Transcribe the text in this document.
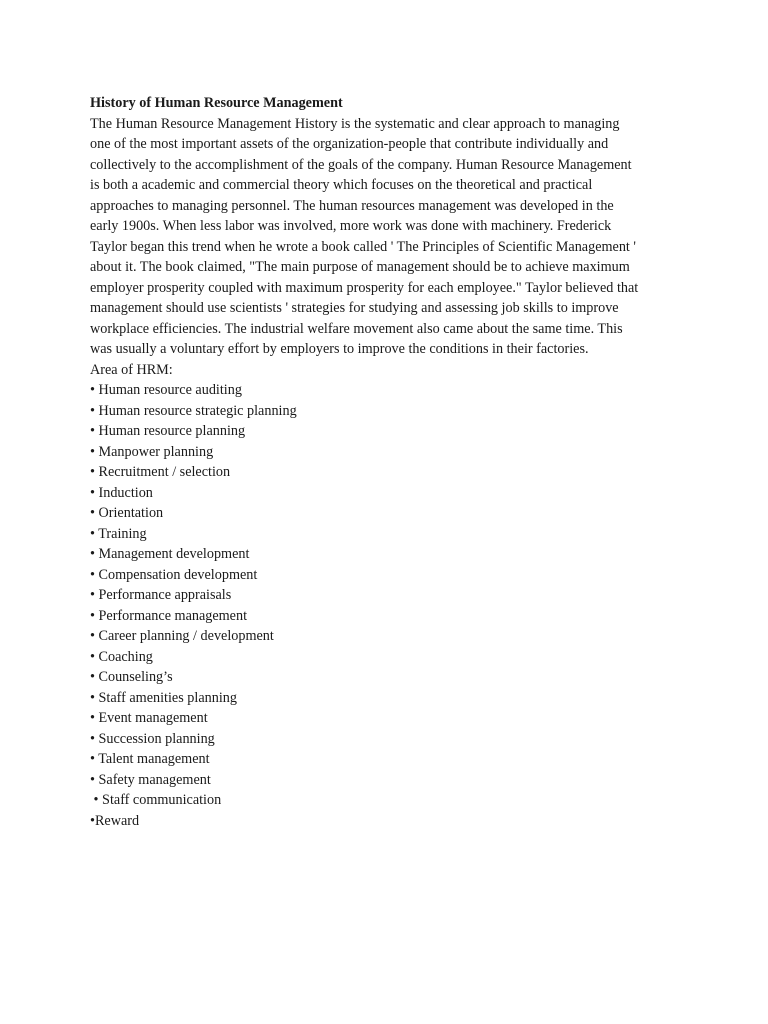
History of Human Resource Management
The Human Resource Management History is the systematic and clear approach to managing
one of the most important assets of the organization-people that contribute individually and
collectively to the accomplishment of the goals of the company. Human Resource Management
is both a academic and commercial theory which focuses on the theoretical and practical
approaches to managing personnel. The human resources management was developed in the
early 1900s. When less labor was involved, more work was done with machinery. Frederick
Taylor began this trend when he wrote a book called ' The Principles of Scientific Management '
about it. The book claimed, "The main purpose of management should be to achieve maximum
employer prosperity coupled with maximum prosperity for each employee." Taylor believed that
management should use scientists ' strategies for studying and assessing job skills to improve
workplace efficiencies. The industrial welfare movement also came about the same time. This
was usually a voluntary effort by employers to improve the conditions in their factories.
Area of HRM:
• Human resource auditing
• Human resource strategic planning
• Human resource planning
• Manpower planning
• Recruitment / selection
• Induction
• Orientation
• Training
• Management development
• Compensation development
• Performance appraisals
• Performance management
• Career planning / development
• Coaching
• Counseling’s
• Staff amenities planning
• Event management
• Succession planning
• Talent management
• Safety management
• Staff communication
•Reward
